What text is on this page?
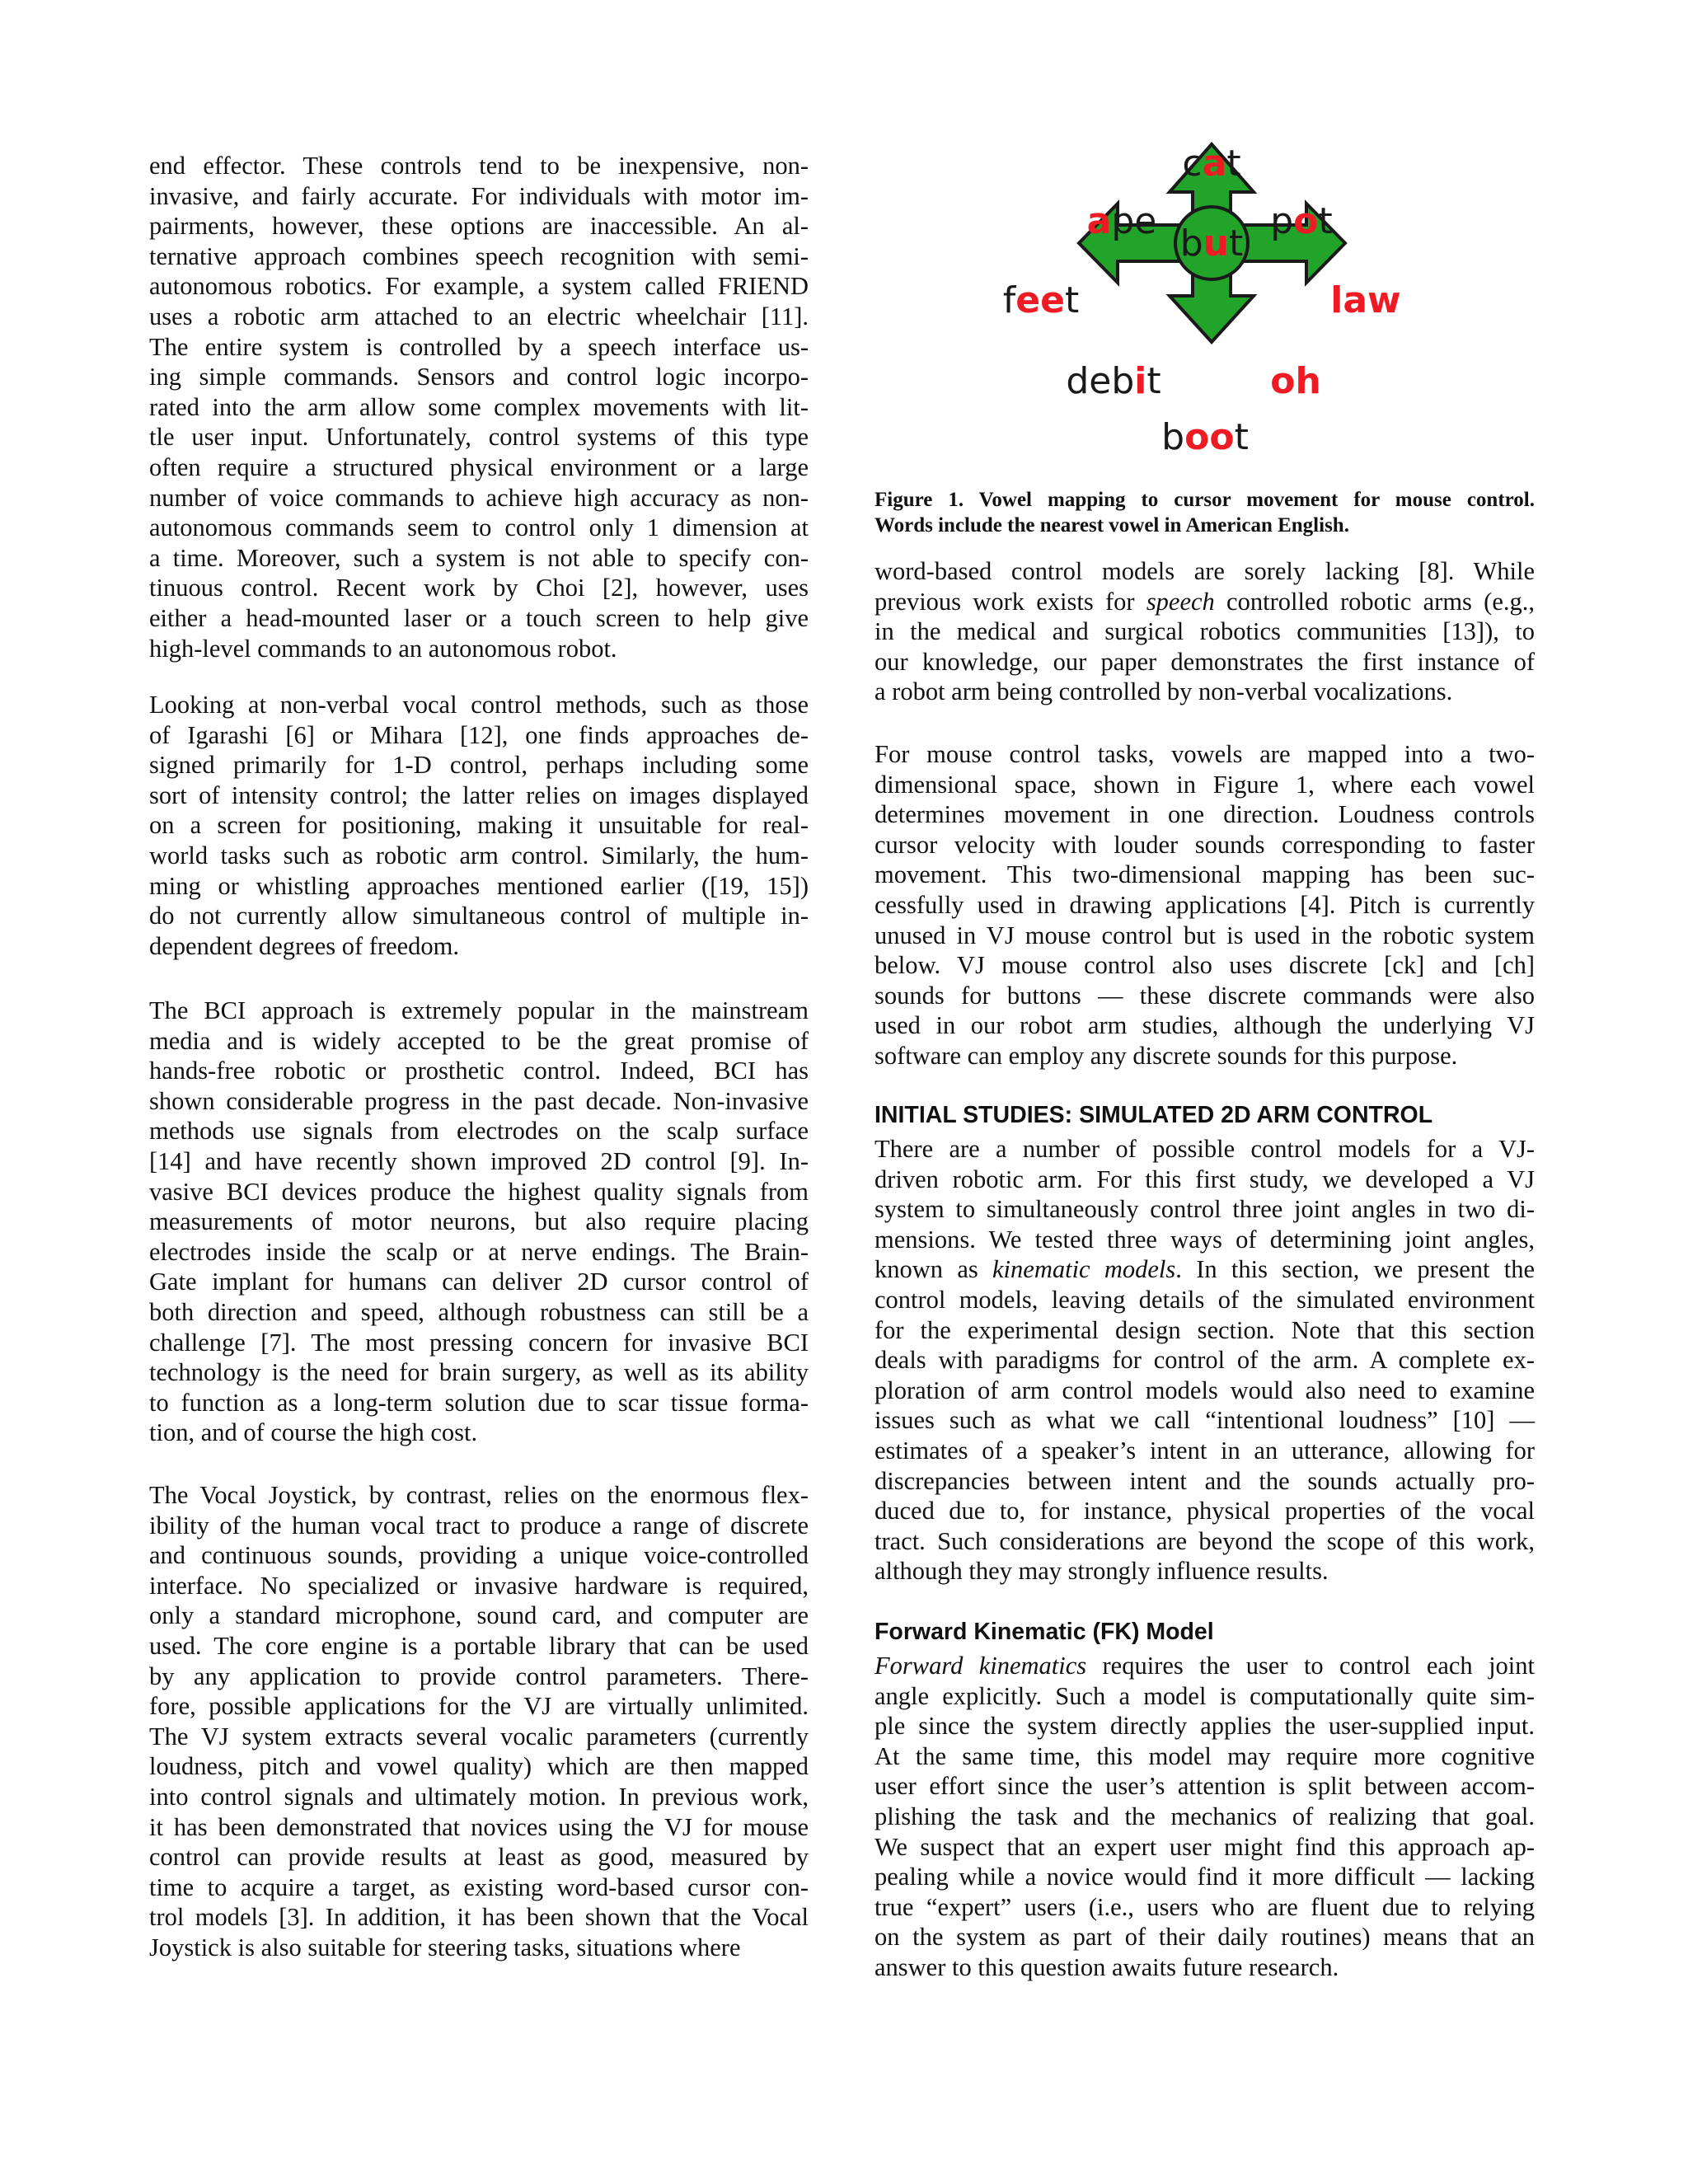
end effector. These controls tend to be inexpensive, non-
invasive, and fairly accurate. For individuals with motor im-
pairments, however, these options are inaccessible. An al-
ternative approach combines speech recognition with semi-
autonomous robotics. For example, a system called FRIEND
uses a robotic arm attached to an electric wheelchair [11].
The entire system is controlled by a speech interface us-
ing simple commands. Sensors and control logic incorpo-
rated into the arm allow some complex movements with lit-
tle user input. Unfortunately, control systems of this type
often require a structured physical environment or a large
number of voice commands to achieve high accuracy as non-
autonomous commands seem to control only 1 dimension at
a time. Moreover, such a system is not able to specify con-
tinuous control. Recent work by Choi [2], however, uses
either a head-mounted laser or a touch screen to help give
high-level commands to an autonomous robot.
Looking at non-verbal vocal control methods, such as those
of Igarashi [6] or Mihara [12], one finds approaches de-
signed primarily for 1-D control, perhaps including some
sort of intensity control; the latter relies on images displayed
on a screen for positioning, making it unsuitable for real-
world tasks such as robotic arm control. Similarly, the hum-
ming or whistling approaches mentioned earlier ([19, 15])
do not currently allow simultaneous control of multiple in-
dependent degrees of freedom.
The BCI approach is extremely popular in the mainstream
media and is widely accepted to be the great promise of
hands-free robotic or prosthetic control. Indeed, BCI has
shown considerable progress in the past decade. Non-invasive
methods use signals from electrodes on the scalp surface
[14] and have recently shown improved 2D control [9]. In-
vasive BCI devices produce the highest quality signals from
measurements of motor neurons, but also require placing
electrodes inside the scalp or at nerve endings. The Brain-
Gate implant for humans can deliver 2D cursor control of
both direction and speed, although robustness can still be a
challenge [7]. The most pressing concern for invasive BCI
technology is the need for brain surgery, as well as its ability
to function as a long-term solution due to scar tissue forma-
tion, and of course the high cost.
The Vocal Joystick, by contrast, relies on the enormous flex-
ibility of the human vocal tract to produce a range of discrete
and continuous sounds, providing a unique voice-controlled
interface. No specialized or invasive hardware is required,
only a standard microphone, sound card, and computer are
used. The core engine is a portable library that can be used
by any application to provide control parameters. There-
fore, possible applications for the VJ are virtually unlimited.
The VJ system extracts several vocalic parameters (currently
loudness, pitch and vowel quality) which are then mapped
into control signals and ultimately motion. In previous work,
it has been demonstrated that novices using the VJ for mouse
control can provide results at least as good, measured by
time to acquire a target, as existing word-based cursor con-
trol models [3]. In addition, it has been shown that the Vocal
Joystick is also suitable for steering tasks, situations where
cat
ape	pot
feet
but
law
debit	oh
boot
Figure 1. Vowel mapping to cursor movement for mouse control.
Words include the nearest vowel in American English.
word-based control models are sorely lacking [8]. While
previous work exists for speech controlled robotic arms (e.g.,
in the medical and surgical robotics communities [13]), to
our knowledge, our paper demonstrates the first instance of
a robot arm being controlled by non-verbal vocalizations.
For mouse control tasks, vowels are mapped into a two-
dimensional space, shown in Figure 1, where each vowel
determines movement in one direction. Loudness controls
cursor velocity with louder sounds corresponding to faster
movement. This two-dimensional mapping has been suc-
cessfully used in drawing applications [4]. Pitch is currently
unused in VJ mouse control but is used in the robotic system
below. VJ mouse control also uses discrete [ck] and [ch]
sounds for buttons — these discrete commands were also
used in our robot arm studies, although the underlying VJ
software can employ any discrete sounds for this purpose.
INITIAL STUDIES: SIMULATED 2D ARM CONTROL
There are a number of possible control models for a VJ-
driven robotic arm. For this first study, we developed a VJ
system to simultaneously control three joint angles in two di-
mensions. We tested three ways of determining joint angles,
known as kinematic models. In this section, we present the
control models, leaving details of the simulated environment
for the experimental design section. Note that this section
deals with paradigms for control of the arm. A complete ex-
ploration of arm control models would also need to examine
issues such as what we call “intentional loudness” [10] —
estimates of a speaker’s intent in an utterance, allowing for
discrepancies between intent and the sounds actually pro-
duced due to, for instance, physical properties of the vocal
tract. Such considerations are beyond the scope of this work,
although they may strongly influence results.
Forward Kinematic (FK) Model
Forward kinematics requires the user to control each joint
angle explicitly. Such a model is computationally quite sim-
ple since the system directly applies the user-supplied input.
At the same time, this model may require more cognitive
user effort since the user’s attention is split between accom-
plishing the task and the mechanics of realizing that goal.
We suspect that an expert user might find this approach ap-
pealing while a novice would find it more difficult — lacking
true “expert” users (i.e., users who are fluent due to relying
on the system as part of their daily routines) means that an
answer to this question awaits future research.
